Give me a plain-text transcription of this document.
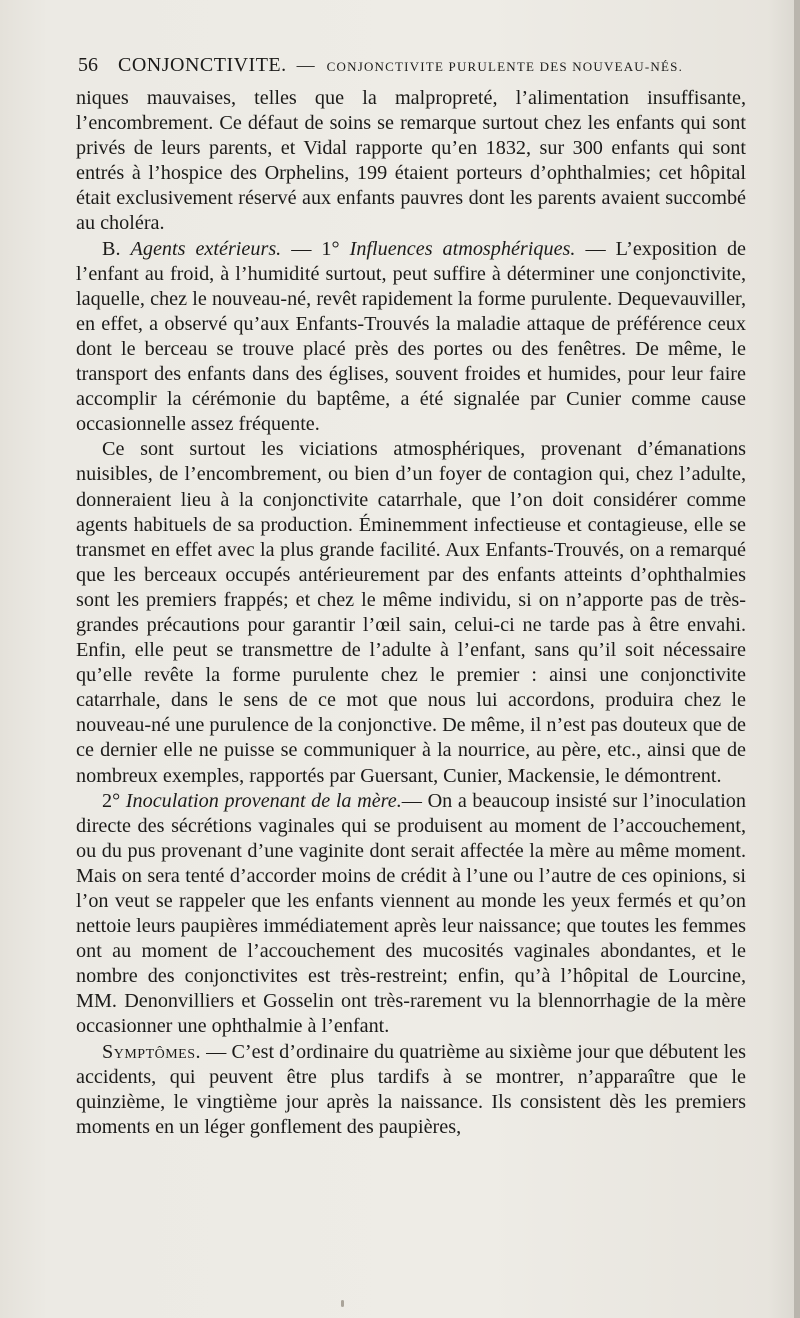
56 CONJONCTIVITE. — CONJONCTIVITE PURULENTE DES NOUVEAU-NÉS.

niques mauvaises, telles que la malpropreté, l’alimentation insuffisante, l’encombrement. Ce défaut de soins se remarque surtout chez les enfants qui sont privés de leurs parents, et Vidal rapporte qu’en 1832, sur 300 enfants qui sont entrés à l’hospice des Orphelins, 199 étaient porteurs d’ophthalmies; cet hôpital était exclusivement réservé aux enfants pauvres dont les parents avaient succombé au choléra.

B. Agents extérieurs. — 1° Influences atmosphériques. — L’exposition de l’enfant au froid, à l’humidité surtout, peut suffire à déterminer une conjonctivite, laquelle, chez le nouveau-né, revêt rapidement la forme purulente. Dequevauviller, en effet, a observé qu’aux Enfants-Trouvés la maladie attaque de préférence ceux dont le berceau se trouve placé près des portes ou des fenêtres. De même, le transport des enfants dans des églises, souvent froides et humides, pour leur faire accomplir la cérémonie du baptême, a été signalée par Cunier comme cause occasionnelle assez fréquente.

Ce sont surtout les viciations atmosphériques, provenant d’émanations nuisibles, de l’encombrement, ou bien d’un foyer de contagion qui, chez l’adulte, donneraient lieu à la conjonctivite catarrhale, que l’on doit considérer comme agents habituels de sa production. Éminemment infectieuse et contagieuse, elle se transmet en effet avec la plus grande facilité. Aux Enfants-Trouvés, on a remarqué que les berceaux occupés antérieurement par des enfants atteints d’ophthalmies sont les premiers frappés; et chez le même individu, si on n’apporte pas de très-grandes précautions pour garantir l’œil sain, celui-ci ne tarde pas à être envahi. Enfin, elle peut se transmettre de l’adulte à l’enfant, sans qu’il soit nécessaire qu’elle revête la forme purulente chez le premier : ainsi une conjonctivite catarrhale, dans le sens de ce mot que nous lui accordons, produira chez le nouveau-né une purulence de la conjonctive. De même, il n’est pas douteux que de ce dernier elle ne puisse se communiquer à la nourrice, au père, etc., ainsi que de nombreux exemples, rapportés par Guersant, Cunier, Mackensie, le démontrent.

2° Inoculation provenant de la mère.— On a beaucoup insisté sur l’inoculation directe des sécrétions vaginales qui se produisent au moment de l’accouchement, ou du pus provenant d’une vaginite dont serait affectée la mère au même moment. Mais on sera tenté d’accorder moins de crédit à l’une ou l’autre de ces opinions, si l’on veut se rappeler que les enfants viennent au monde les yeux fermés et qu’on nettoie leurs paupières immédiatement après leur naissance; que toutes les femmes ont au moment de l’accouchement des mucosités vaginales abondantes, et le nombre des conjonctivites est très-restreint; enfin, qu’à l’hôpital de Lourcine, MM. Denonvilliers et Gosselin ont très-rarement vu la blennorrhagie de la mère occasionner une ophthalmie à l’enfant.

Symptômes. — C’est d’ordinaire du quatrième au sixième jour que débutent les accidents, qui peuvent être plus tardifs à se montrer, n’apparaître que le quinzième, le vingtième jour après la naissance. Ils consistent dès les premiers moments en un léger gonflement des paupières,
